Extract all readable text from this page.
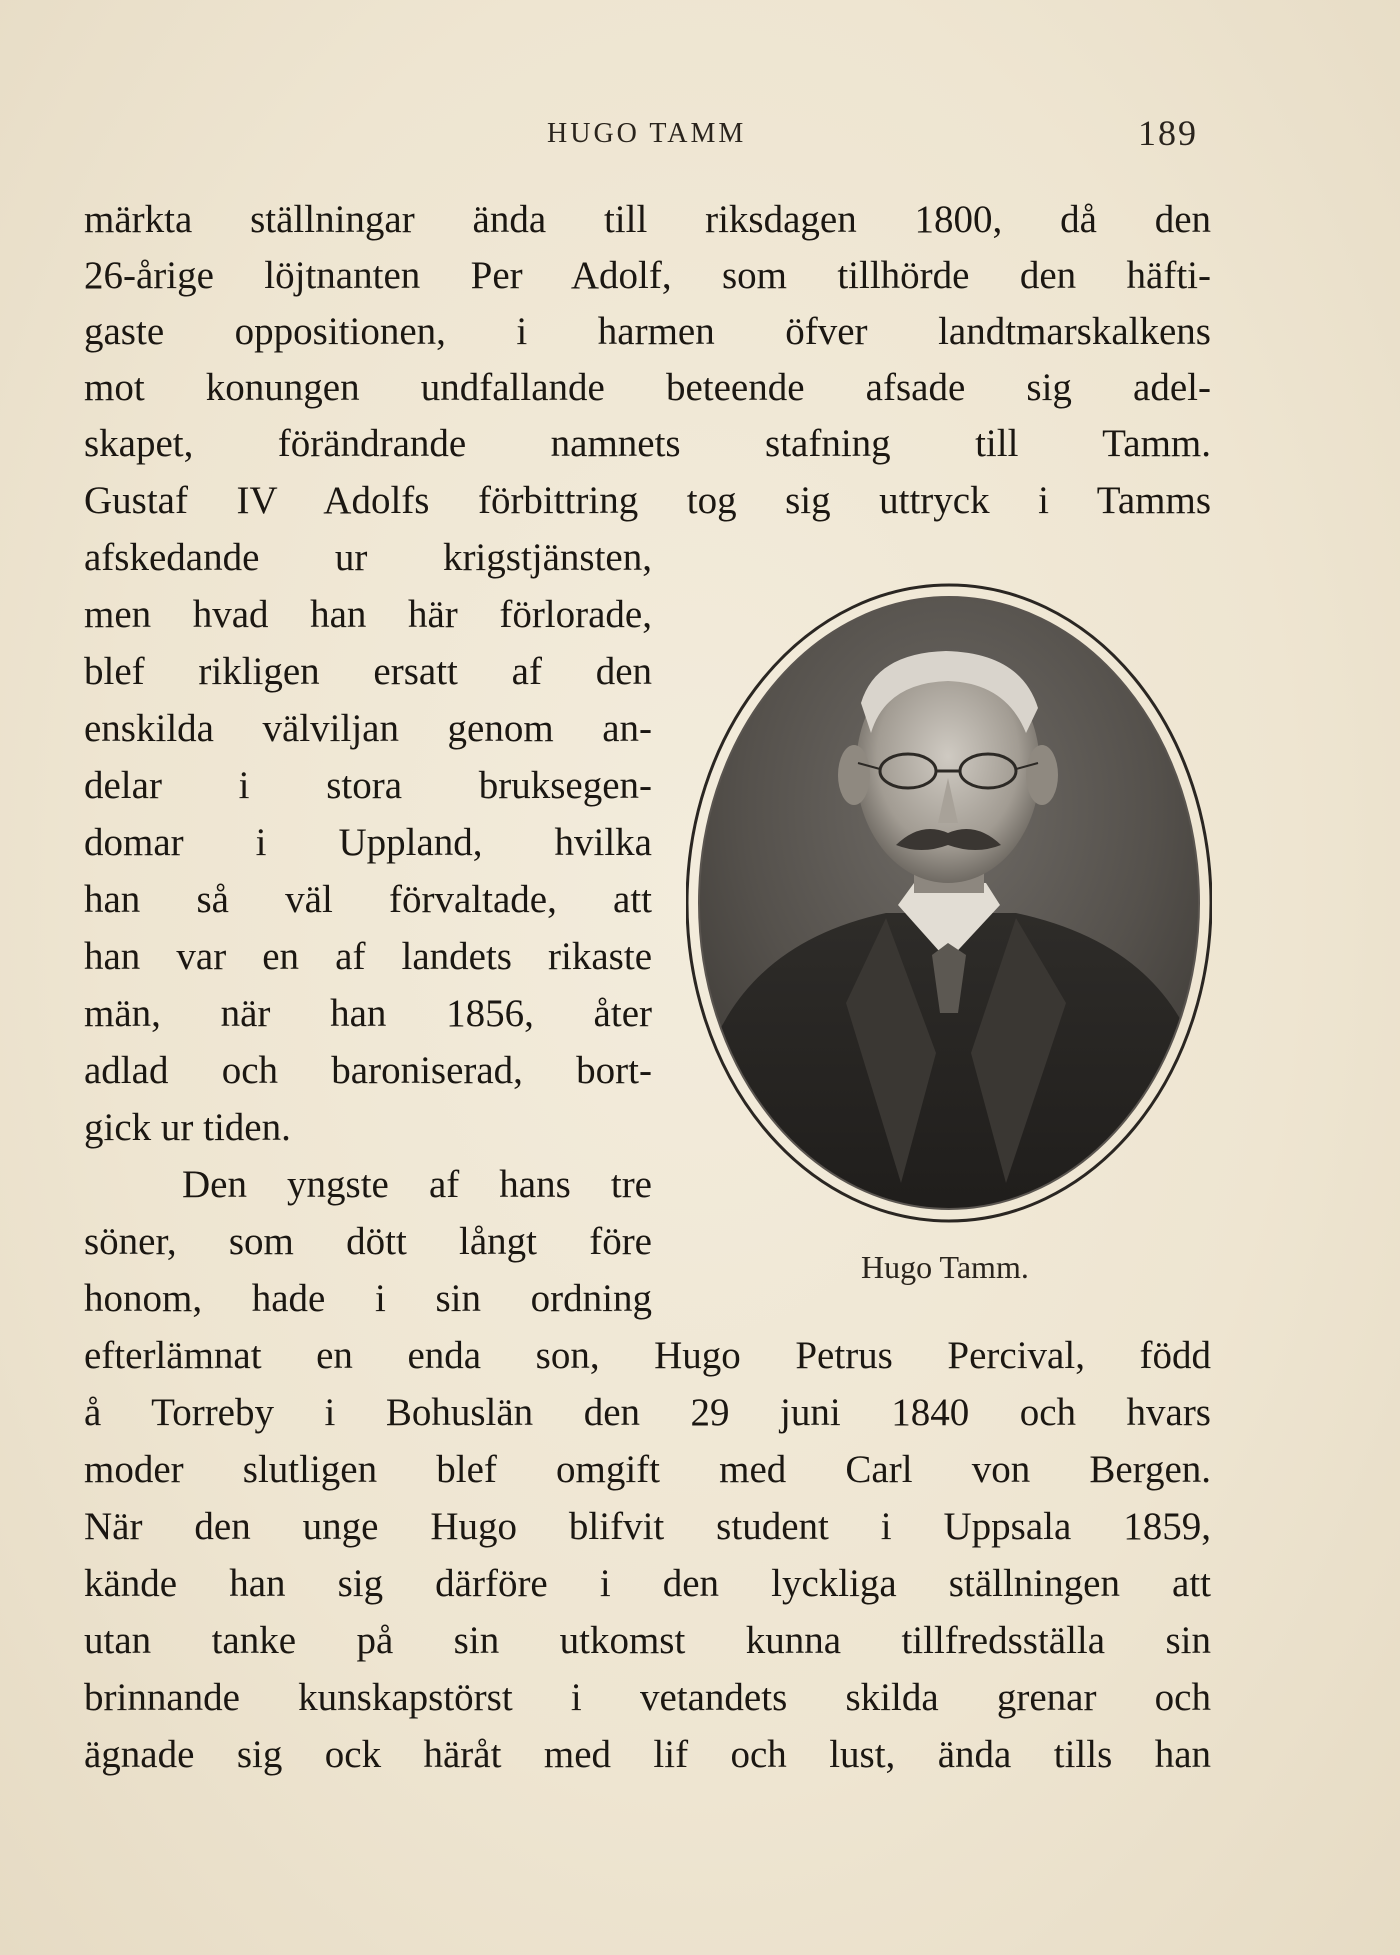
HUGO TAMM	189
märkta ställningar ända till riksdagen 1800, då den
26-årige löjtnanten Per Adolf, som tillhörde den häfti-
gaste oppositionen, i harmen öfver landtmarskalkens
mot konungen undfallande beteende afsade sig adel-
skapet, förändrande namnets stafning till Tamm.
Gustaf IV Adolfs förbittring tog sig uttryck i Tamms
afskedande ur krigstjänsten,
men hvad han här förlorade,
blef rikligen ersatt af den
enskilda välviljan genom an-
delar i stora bruksegen-
domar i Uppland, hvilka
han så väl förvaltade, att
han var en af landets rikaste
män, när han 1856, åter
adlad och baroniserad, bort-
gick ur tiden.
Den yngste af hans tre
söner, som dött långt före
honom, hade i sin ordning
efterlämnat en enda son, Hugo Petrus Percival, född
å Torreby i Bohuslän den 29 juni 1840 och hvars
moder slutligen blef omgift med Carl von Bergen.
När den unge Hugo blifvit student i Uppsala 1859,
kände han sig därföre i den lyckliga ställningen att
utan tanke på sin utkomst kunna tillfredsställa sin
brinnande kunskapstörst i vetandets skilda grenar och
ägnade sig ock häråt med lif och lust, ända tills han
Hugo Tamm.
